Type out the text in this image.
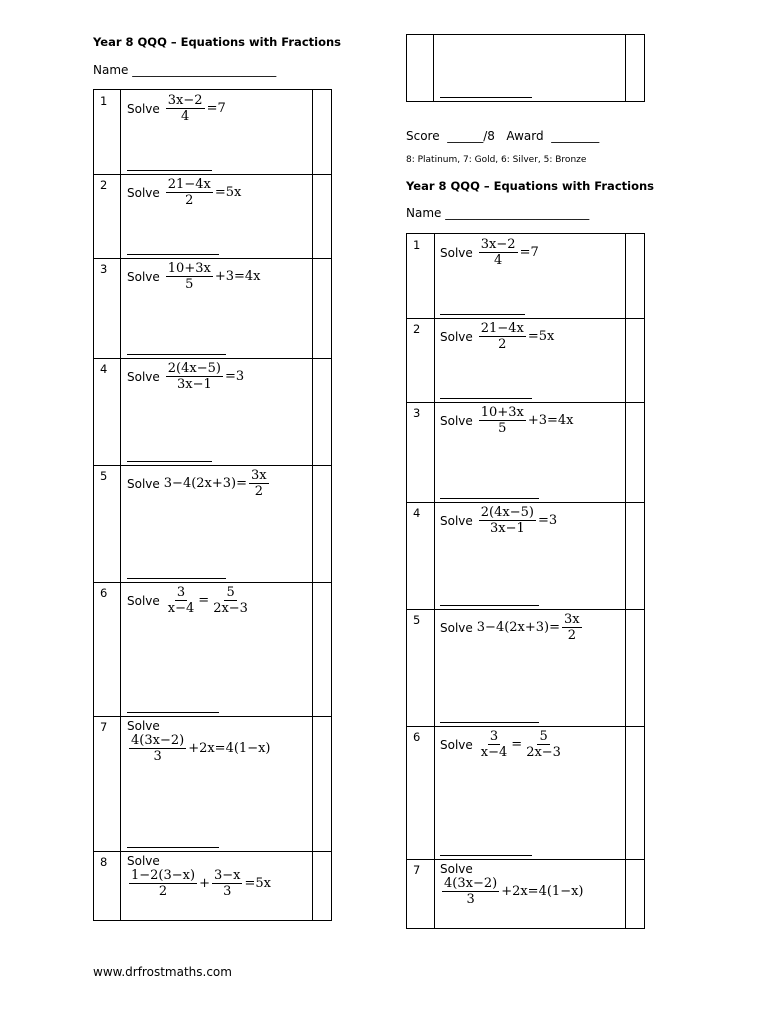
Year 8 QQQ – Equations with Fractions
Name ________________________
1
Solve $\frac{3x-2}{4} =7$
2
Solve $\frac{21-4x}{2} =5x$
3
Solve $\frac{10+3x}{5} +3=4x$
4
Solve $\frac{2(4x-5)}{3x-1} =3$
5
Solve $3-4(2x+3)= \frac{3x}{2}$
6
Solve $\frac{3}{x-4} = \frac{5}{2x-3}$
7 Solve
$\frac{4(3x-2)}{3} +2x=4(1-x)$
8 Solve
$\frac{1-2(3-x)}{2} + \frac{3-x}{3} =5x$
www.drfrostmaths.com
Score  ______/8   Award  ________
8: Platinum, 7: Gold, 6: Silver, 5: Bronze
Year 8 QQQ – Equations with Fractions
Name ________________________
1
Solve $\frac{3x-2}{4} =7$
2
Solve $\frac{21-4x}{2} =5x$
3
Solve $\frac{10+3x}{5} +3=4x$
4
Solve $\frac{2(4x-5)}{3x-1} =3$
5
Solve $3-4(2x+3)= \frac{3x}{2}$
6
Solve $\frac{3}{x-4} = \frac{5}{2x-3}$
7 Solve
$\frac{4(3x-2)}{3} +2x=4(1-x)$
